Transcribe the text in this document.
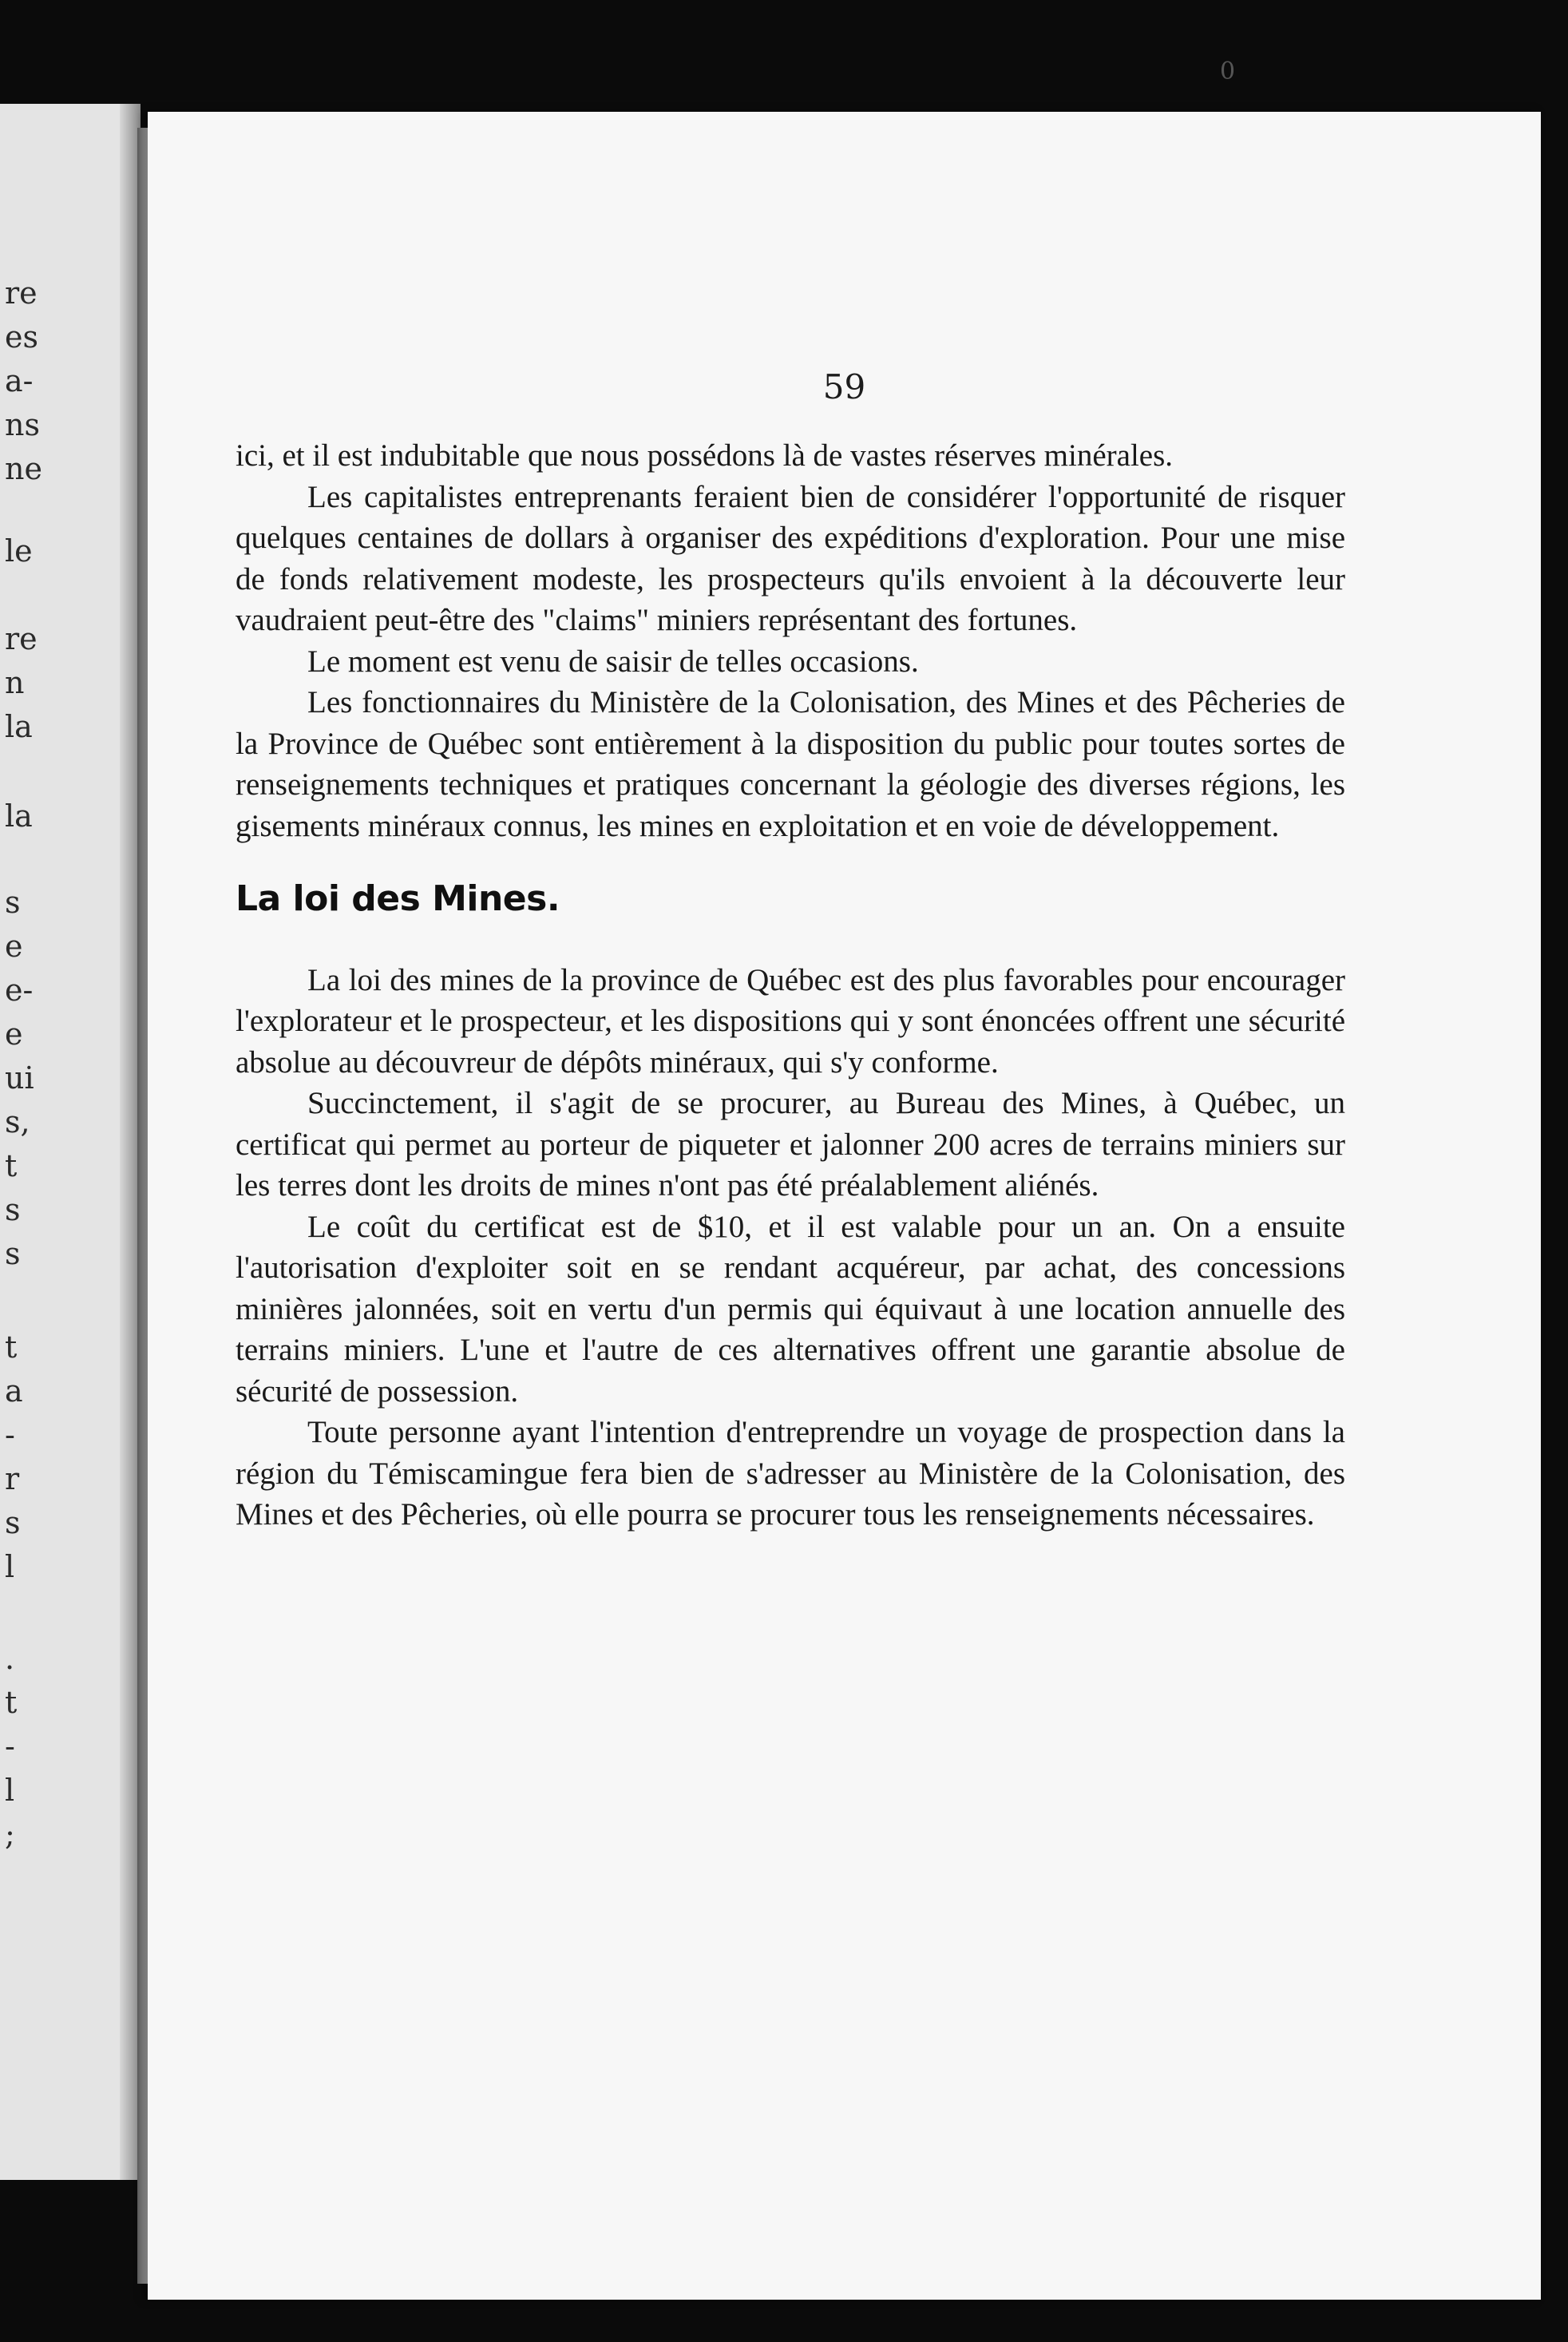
re
es
a-
ns
ne
le
re
n
la
la
s
e
e-
e
ui
s,
t
s
s
t
a
-
r
s
l
.
t
-
l
;
0
59

ici, et il est indubitable que nous possédons là de vastes réserves minérales.

Les capitalistes entreprenants feraient bien de considérer l'opportunité de risquer quelques centaines de dollars à organiser des expéditions d'exploration. Pour une mise de fonds relativement modeste, les prospecteurs qu'ils envoient à la découverte leur vaudraient peut-être des "claims" miniers représentant des fortunes.

Le moment est venu de saisir de telles occasions.

Les fonctionnaires du Ministère de la Colonisation, des Mines et des Pêcheries de la Province de Québec sont entièrement à la disposition du public pour toutes sortes de renseignements techniques et pratiques concernant la géologie des diverses régions, les gisements minéraux connus, les mines en exploitation et en voie de développement.

La loi des Mines.

La loi des mines de la province de Québec est des plus favorables pour encourager l'explorateur et le prospecteur, et les dispositions qui y sont énoncées offrent une sécurité absolue au découvreur de dépôts minéraux, qui s'y conforme.

Succinctement, il s'agit de se procurer, au Bureau des Mines, à Québec, un certificat qui permet au porteur de piqueter et jalonner 200 acres de terrains miniers sur les terres dont les droits de mines n'ont pas été préalablement aliénés.

Le coût du certificat est de $10, et il est valable pour un an. On a ensuite l'autorisation d'exploiter soit en se rendant acquéreur, par achat, des concessions minières jalonnées, soit en vertu d'un permis qui équivaut à une location annuelle des terrains miniers. L'une et l'autre de ces alternatives offrent une garantie absolue de sécurité de possession.

Toute personne ayant l'intention d'entreprendre un voyage de prospection dans la région du Témiscamingue fera bien de s'adresser au Ministère de la Colonisation, des Mines et des Pêcheries, où elle pourra se procurer tous les renseignements nécessaires.
